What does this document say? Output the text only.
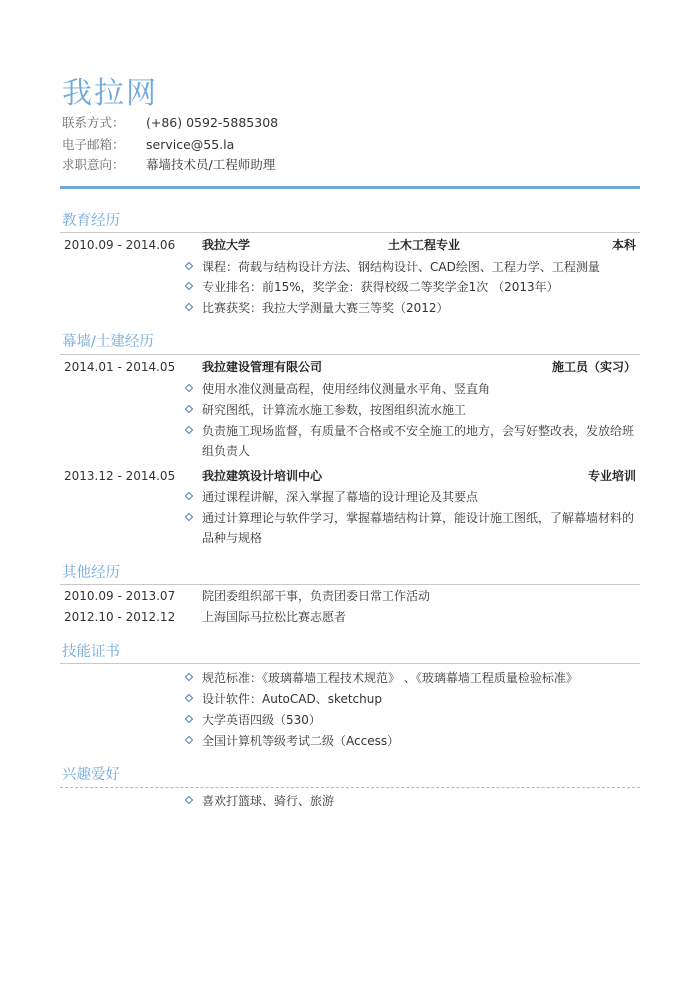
我拉网
联系方式：	(+86) 0592-5885308
电子邮箱：	service@55.la
求职意向：	幕墙技术员/工程师助理
教育经历
2010.09 - 2014.06 我拉大学	土木工程专业	本科
课程：荷载与结构设计方法、钢结构设计、CAD绘图、工程力学、工程测量
专业排名：前15%，奖学金：获得校级二等奖学金1次 （2013年）
比赛获奖：我拉大学测量大赛三等奖（2012）
幕墙/土建经历
2014.01 - 2014.05 我拉建设管理有限公司	施工员（实习）
使用水准仪测量高程，使用经纬仪测量水平角、竖直角
研究图纸，计算流水施工参数，按图组织流水施工
负责施工现场监督，有质量不合格或不安全施工的地方，会写好整改表，发放给班组负责人
2013.12 - 2014.05 我拉建筑设计培训中心	专业培训
通过课程讲解，深入掌握了幕墙的设计理论及其要点
通过计算理论与软件学习，掌握幕墙结构计算，能设计施工图纸，了解幕墙材料的品种与规格
其他经历
2010.09 - 2013.07 院团委组织部干事，负责团委日常工作活动
2012.10 - 2012.12 上海国际马拉松比赛志愿者
技能证书
规范标准：《玻璃幕墙工程技术规范》 、《玻璃幕墙工程质量检验标准》
设计软件：AutoCAD、sketchup
大学英语四级（530）
全国计算机等级考试二级（Access）
兴趣爱好
喜欢打篮球、骑行、旅游
